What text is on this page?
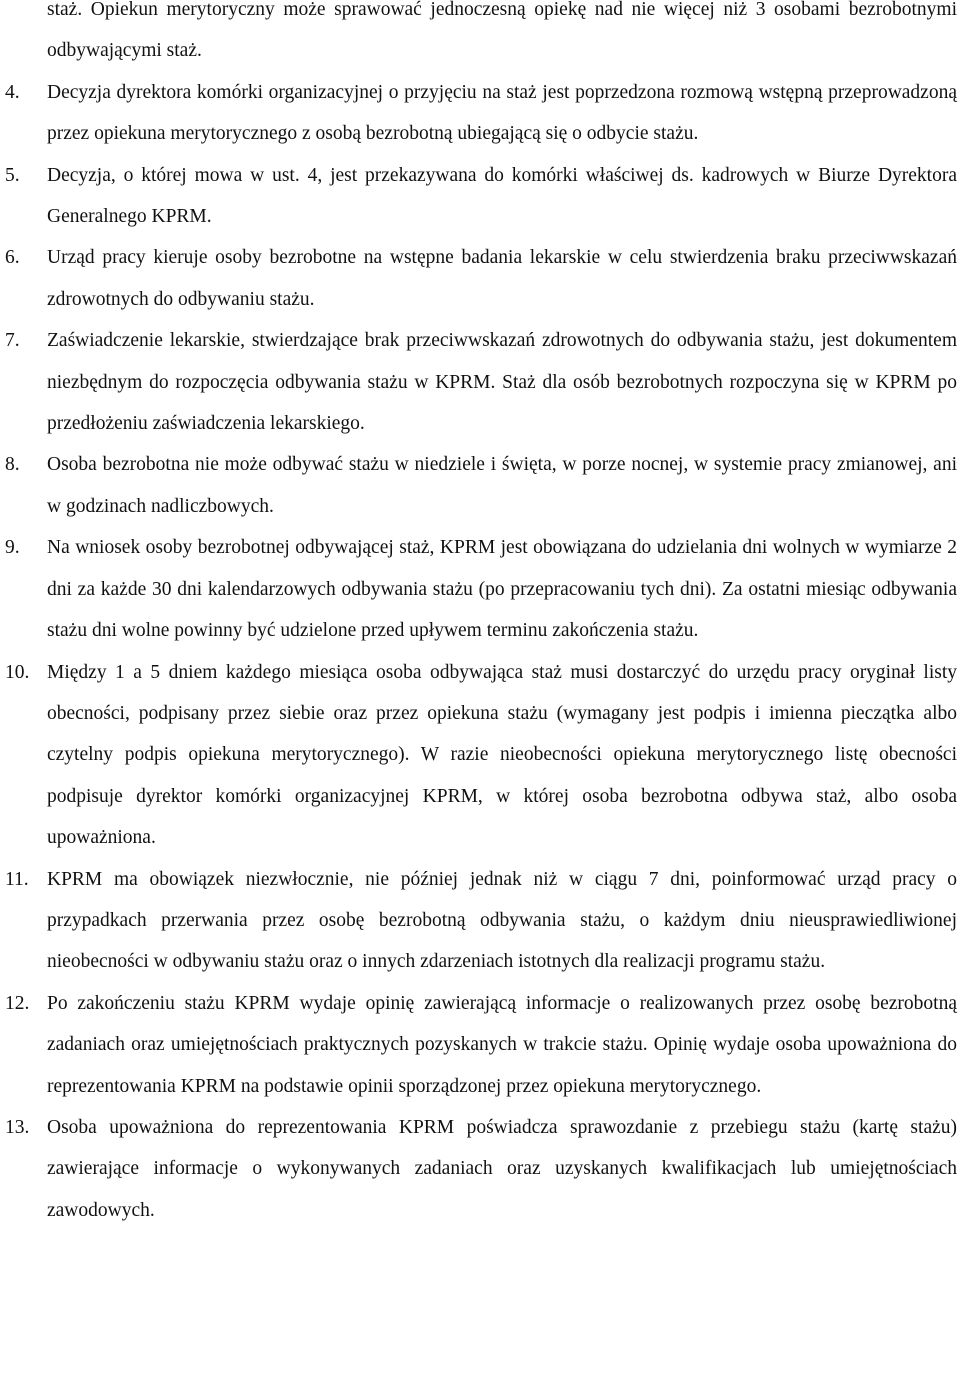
staż. Opiekun merytoryczny może sprawować jednoczesną opiekę nad nie więcej niż 3 osobami bezrobotnymi odbywającymi staż.
4. Decyzja dyrektora komórki organizacyjnej o przyjęciu na staż jest poprzedzona rozmową wstępną przeprowadzoną przez opiekuna merytorycznego z osobą bezrobotną ubiegającą się o odbycie stażu.
5. Decyzja, o której mowa w ust. 4, jest przekazywana do komórki właściwej ds. kadrowych w Biurze Dyrektora Generalnego KPRM.
6. Urząd pracy kieruje osoby bezrobotne na wstępne badania lekarskie w celu stwierdzenia braku przeciwwskazań zdrowotnych do odbywaniu stażu.
7. Zaświadczenie lekarskie, stwierdzające brak przeciwwskazań zdrowotnych do odbywania stażu, jest dokumentem niezbędnym do rozpoczęcia odbywania stażu w KPRM. Staż dla osób bezrobotnych rozpoczyna się w KPRM po przedłożeniu zaświadczenia lekarskiego.
8. Osoba bezrobotna nie może odbywać stażu w niedziele i święta, w porze nocnej, w systemie pracy zmianowej, ani w godzinach nadliczbowych.
9. Na wniosek osoby bezrobotnej odbywającej staż, KPRM jest obowiązana do udzielania dni wolnych w wymiarze 2 dni za każde 30 dni kalendarzowych odbywania stażu (po przepracowaniu tych dni). Za ostatni miesiąc odbywania stażu dni wolne powinny być udzielone przed upływem terminu zakończenia stażu.
10. Między 1 a 5 dniem każdego miesiąca osoba odbywająca staż musi dostarczyć do urzędu pracy oryginał listy obecności, podpisany przez siebie oraz przez opiekuna stażu (wymagany jest podpis i imienna pieczątka albo czytelny podpis opiekuna merytorycznego). W razie nieobecności opiekuna merytorycznego listę obecności podpisuje dyrektor komórki organizacyjnej KPRM, w której osoba bezrobotna odbywa staż, albo osoba upoważniona.
11. KPRM ma obowiązek niezwłocznie, nie później jednak niż w ciągu 7 dni, poinformować urząd pracy o przypadkach przerwania przez osobę bezrobotną odbywania stażu, o każdym dniu nieusprawiedliwionej nieobecności w odbywaniu stażu oraz o innych zdarzeniach istotnych dla realizacji programu stażu.
12. Po zakończeniu stażu KPRM wydaje opinię zawierającą informacje o realizowanych przez osobę bezrobotną zadaniach oraz umiejętnościach praktycznych pozyskanych w trakcie stażu. Opinię wydaje osoba upoważniona do reprezentowania KPRM na podstawie opinii sporządzonej przez opiekuna merytorycznego.
13. Osoba upoważniona do reprezentowania KPRM poświadcza sprawozdanie z przebiegu stażu (kartę stażu) zawierające informacje o wykonywanych zadaniach oraz uzyskanych kwalifikacjach lub umiejętnościach zawodowych.
